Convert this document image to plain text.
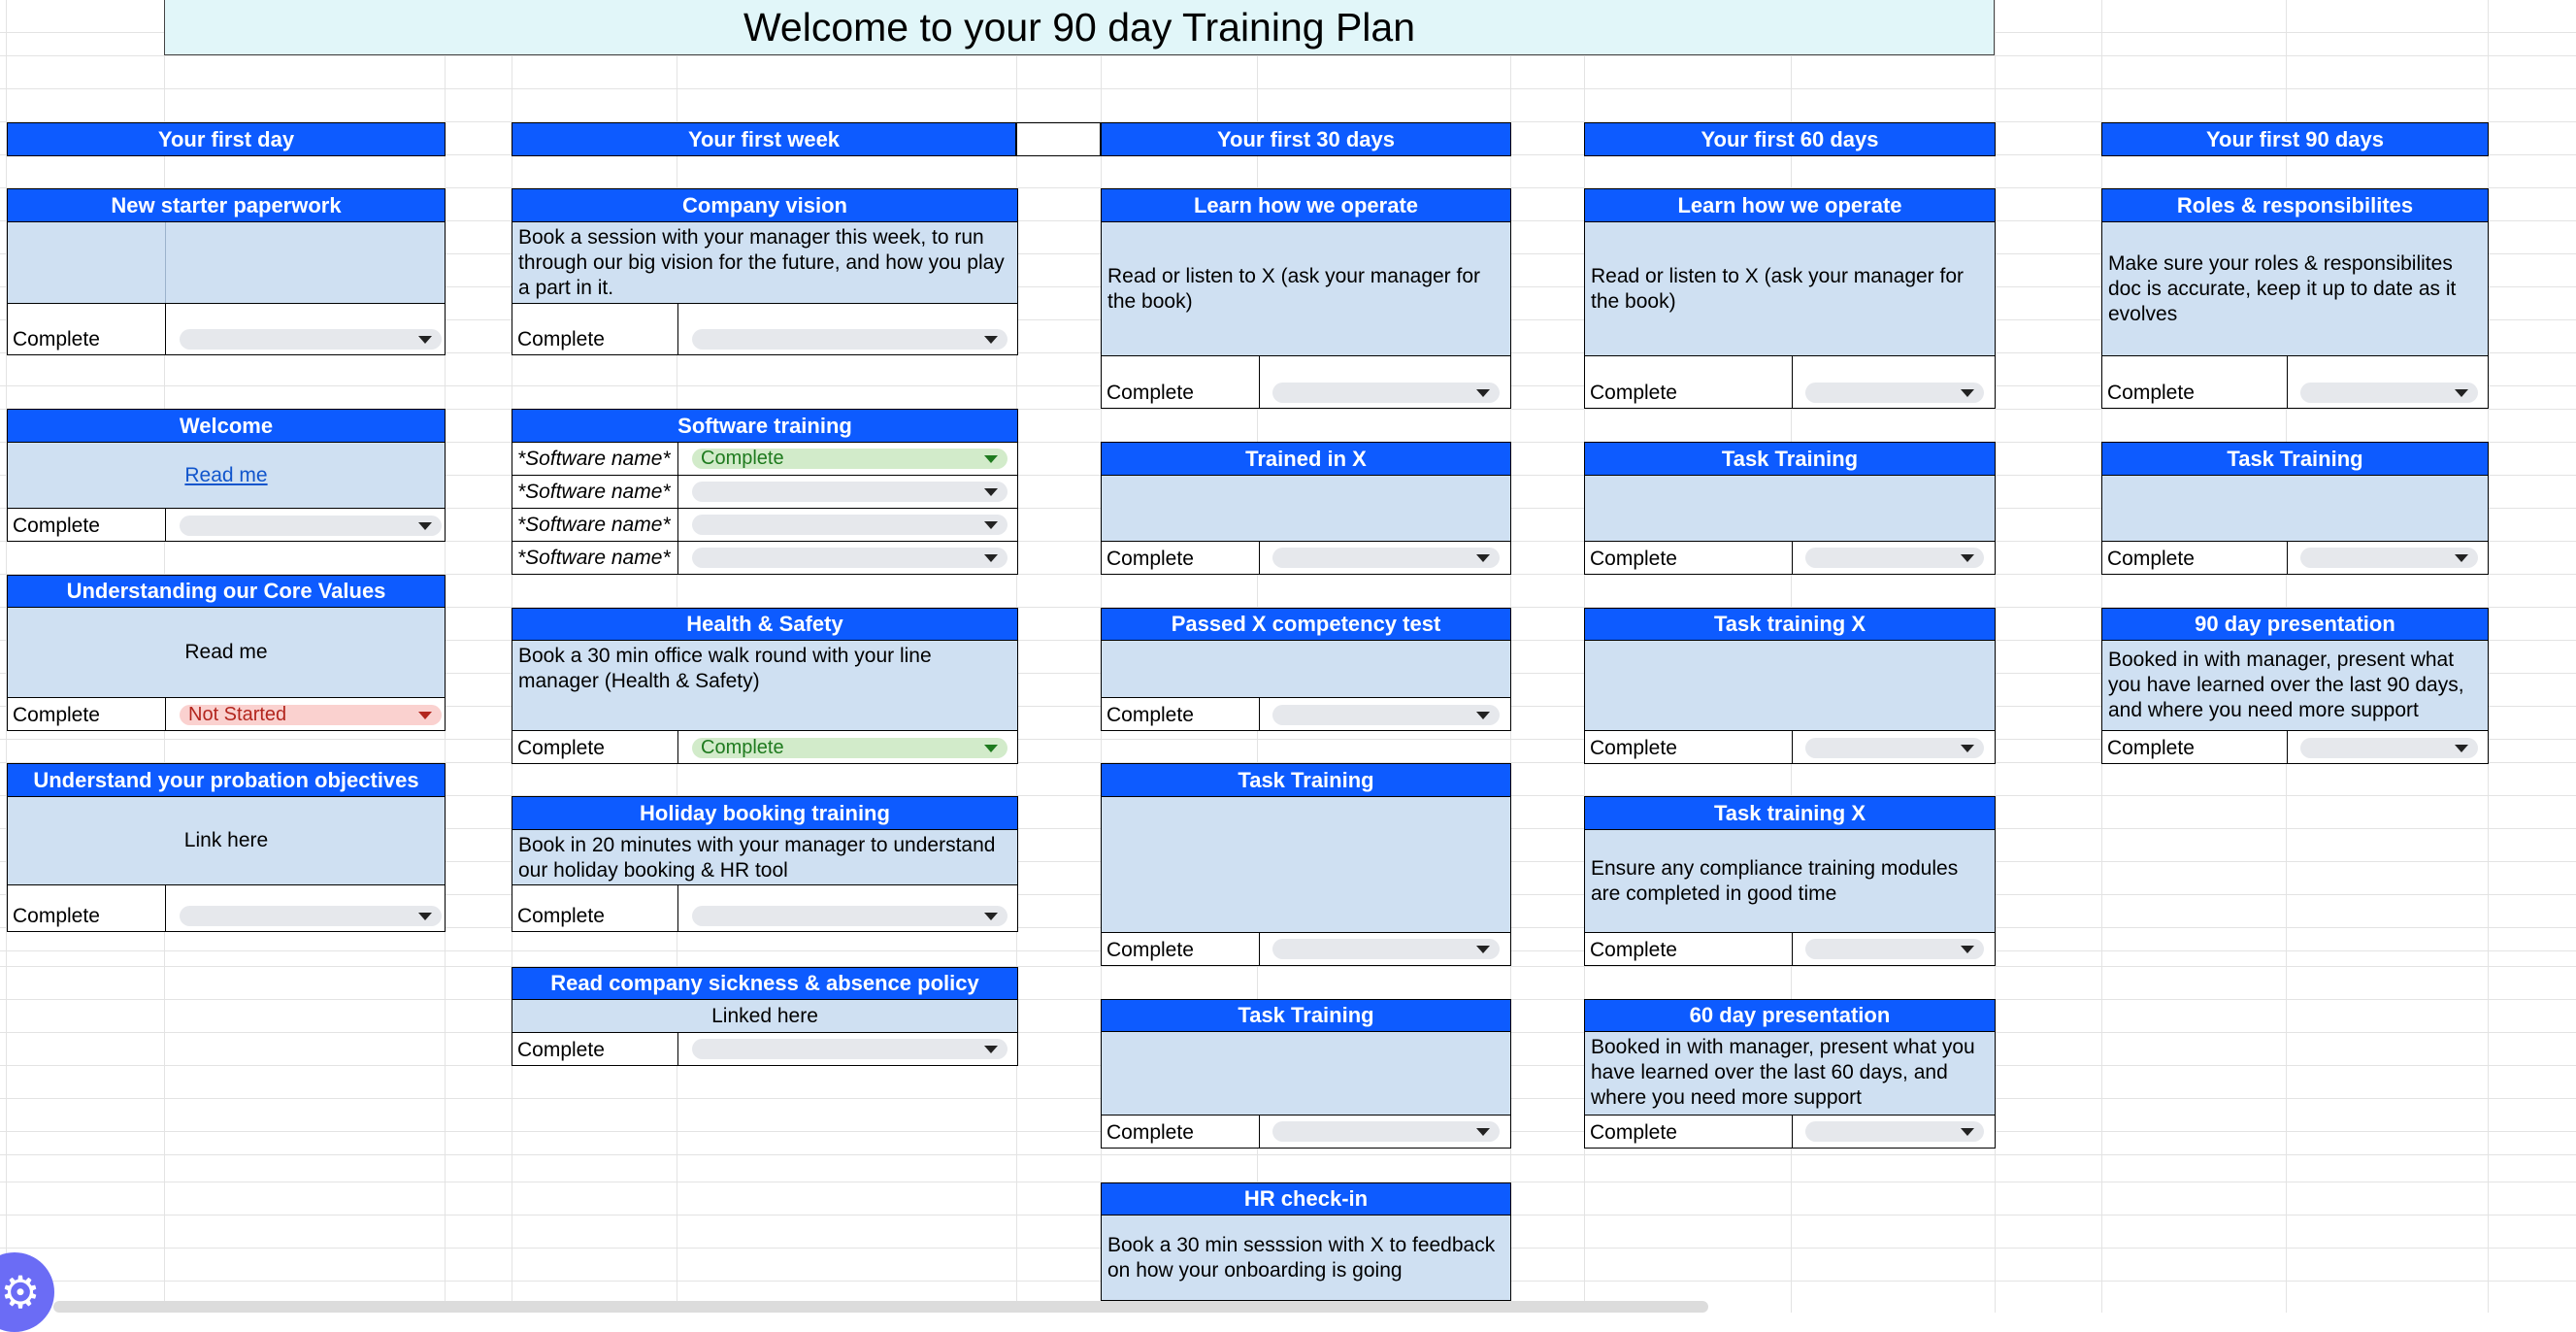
Welcome to your 90 day Training Plan
Your first day
New starter paperwork
Complete
Welcome
Read me
Complete
Understanding our Core Values
Read me
Complete	Not Started
Understand your probation objectives
Link here
Complete
Your first week
Company vision
Book a session with your manager this week, to run through our big vision for the future, and how you play a part in it.
Complete
Software training
*Software name*	Complete
*Software name*
*Software name*
*Software name*
Health & Safety
Book a 30 min office walk round with your line manager (Health & Safety)
Complete	Complete
Holiday booking training
Book in 20 minutes with your manager to understand our holiday booking & HR tool
Complete
Read company sickness & absence policy
Linked here
Complete
Your first 30 days
Learn how we operate
Read or listen to X (ask your manager for the book)
Complete
Trained in X
Complete
Passed X competency test
Complete
Task Training
Complete
Task Training
Complete
HR check-in
Book a 30 min sesssion with X to feedback on how your onboarding is going
Your first 60 days
Learn how we operate
Read or listen to X (ask your manager for the book)
Complete
Task Training
Complete
Task training X
Complete
Task training X
Ensure any compliance training modules are completed in good time
Complete
60 day presentation
Booked in with manager, present what you have learned over the last 60 days, and where you need more support
Complete
Your first 90 days
Roles & responsibilites
Make sure your roles & responsibilites doc is accurate, keep it up to date as it evolves
Complete
Task Training
Complete
90 day presentation
Booked in with manager, present what you have learned over the last 90 days, and where you need more support
Complete
⚙
